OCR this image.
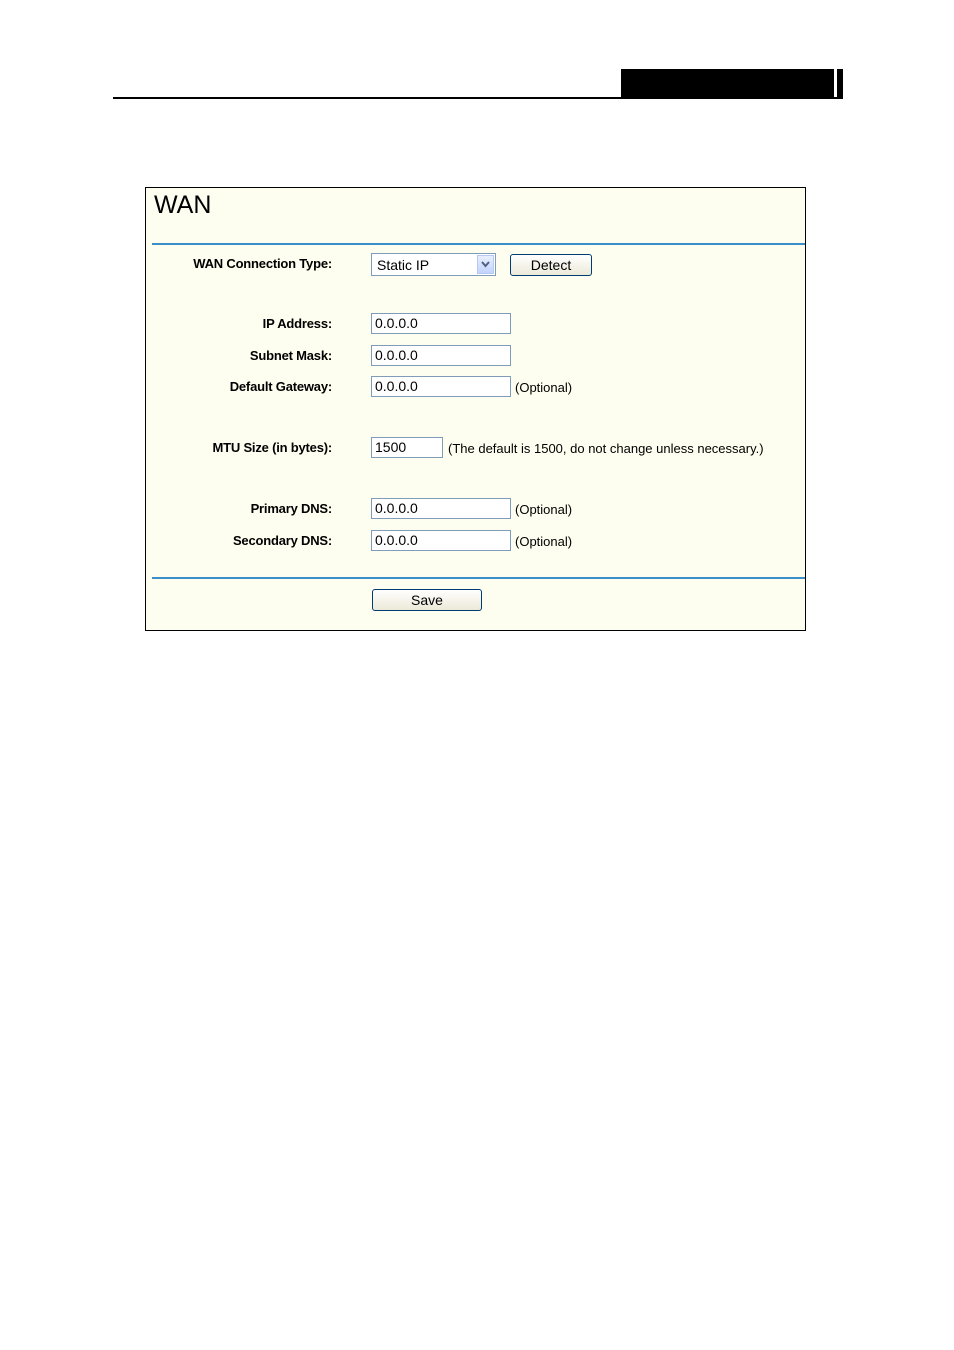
WAN
WAN Connection Type:	Static IP	Detect
IP Address:	0.0.0.0
Subnet Mask:	0.0.0.0
Default Gateway:	0.0.0.0	(Optional)
MTU Size (in bytes):	1500	(The default is 1500, do not change unless necessary.)
Primary DNS:	0.0.0.0	(Optional)
Secondary DNS:	0.0.0.0	(Optional)
Save
